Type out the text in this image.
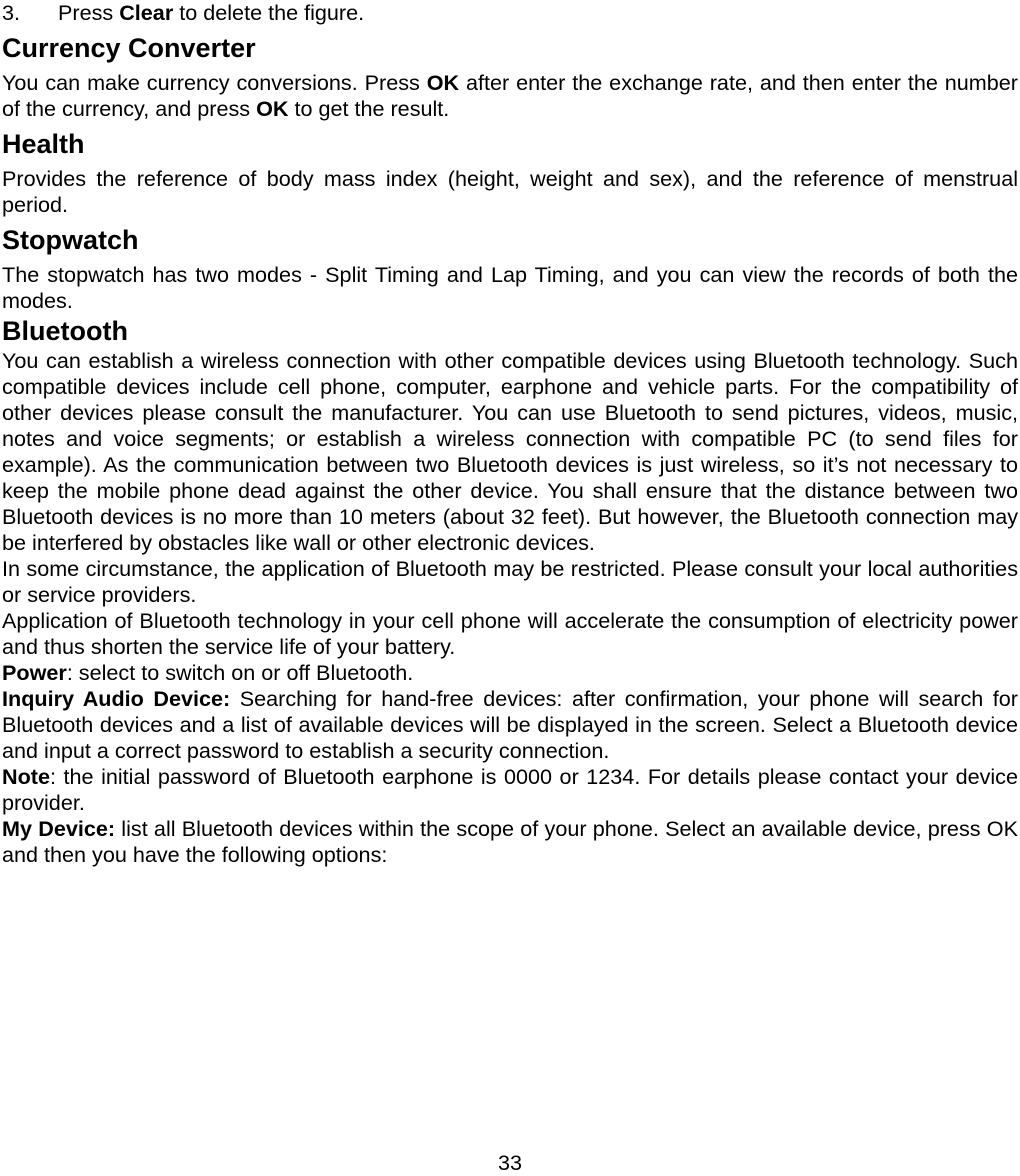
3.	Press Clear to delete the figure.
Currency Converter

You can make currency conversions. Press OK after enter the exchange rate, and then enter the number of the currency, and press OK to get the result.

Health

Provides the reference of body mass index (height, weight and sex), and the reference of menstrual period.

Stopwatch

The stopwatch has two modes - Split Timing and Lap Timing, and you can view the records of both the modes.

Bluetooth

You can establish a wireless connection with other compatible devices using Bluetooth technology. Such compatible devices include cell phone, computer, earphone and vehicle parts. For the compatibility of other devices please consult the manufacturer. You can use Bluetooth to send pictures, videos, music, notes and voice segments; or establish a wireless connection with compatible PC (to send files for example). As the communication between two Bluetooth devices is just wireless, so it’s not necessary to keep the mobile phone dead against the other device. You shall ensure that the distance between two Bluetooth devices is no more than 10 meters (about 32 feet). But however, the Bluetooth connection may be interfered by obstacles like wall or other electronic devices.

In some circumstance, the application of Bluetooth may be restricted. Please consult your local authorities or service providers.

Application of Bluetooth technology in your cell phone will accelerate the consumption of electricity power and thus shorten the service life of your battery.

Power: select to switch on or off Bluetooth.

Inquiry Audio Device: Searching for hand-free devices: after confirmation, your phone will search for Bluetooth devices and a list of available devices will be displayed in the screen. Select a Bluetooth device and input a correct password to establish a security connection.

Note: the initial password of Bluetooth earphone is 0000 or 1234. For details please contact your device provider.

My Device: list all Bluetooth devices within the scope of your phone. Select an available device, press OK and then you have the following options:

33
